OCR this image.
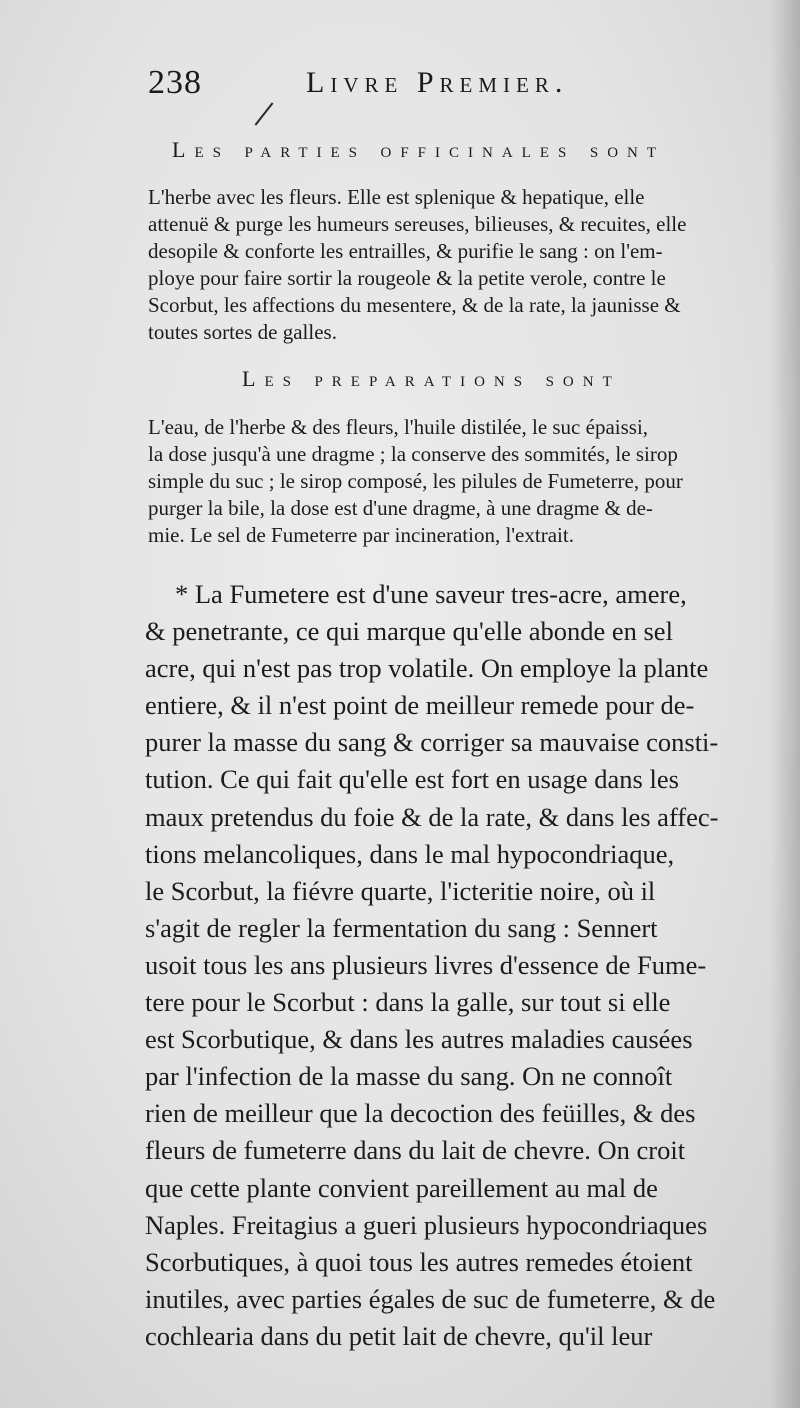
238	Livre Premier.
Les parties officinales sont
L'herbe avec les fleurs. Elle est splenique & hepatique, elle
attenuë & purge les humeurs sereuses, bilieuses, & recuites, elle
desopile & conforte les entrailles, & purifie le sang : on l'em-
ploye pour faire sortir la rougeole & la petite verole, contre le
Scorbut, les affections du mesentere, & de la rate, la jaunisse &
toutes sortes de galles.
Les preparations sont
L'eau, de l'herbe & des fleurs, l'huile distilée, le suc épaissi,
la dose jusqu'à une dragme ; la conserve des sommités, le sirop
simple du suc ; le sirop composé, les pilules de Fumeterre, pour
purger la bile, la dose est d'une dragme, à une dragme & de-
mie. Le sel de Fumeterre par incineration, l'extrait.
* La Fumetere est d'une saveur tres-acre, amere,
& penetrante, ce qui marque qu'elle abonde en sel
acre, qui n'est pas trop volatile. On employe la plante
entiere, & il n'est point de meilleur remede pour de-
purer la masse du sang & corriger sa mauvaise consti-
tution. Ce qui fait qu'elle est fort en usage dans les
maux pretendus du foie & de la rate, & dans les affec-
tions melancoliques, dans le mal hypocondriaque,
le Scorbut, la fiévre quarte, l'icteritie noire, où il
s'agit de regler la fermentation du sang : Sennert
usoit tous les ans plusieurs livres d'essence de Fume-
tere pour le Scorbut : dans la galle, sur tout si elle
est Scorbutique, & dans les autres maladies causées
par l'infection de la masse du sang. On ne connoît
rien de meilleur que la decoction des feüilles, & des
fleurs de fumeterre dans du lait de chevre. On croit
que cette plante convient pareillement au mal de
Naples. Freitagius a gueri plusieurs hypocondriaques
Scorbutiques, à quoi tous les autres remedes étoient
inutiles, avec parties égales de suc de fumeterre, & de
cochlearia dans du petit lait de chevre, qu'il leur
